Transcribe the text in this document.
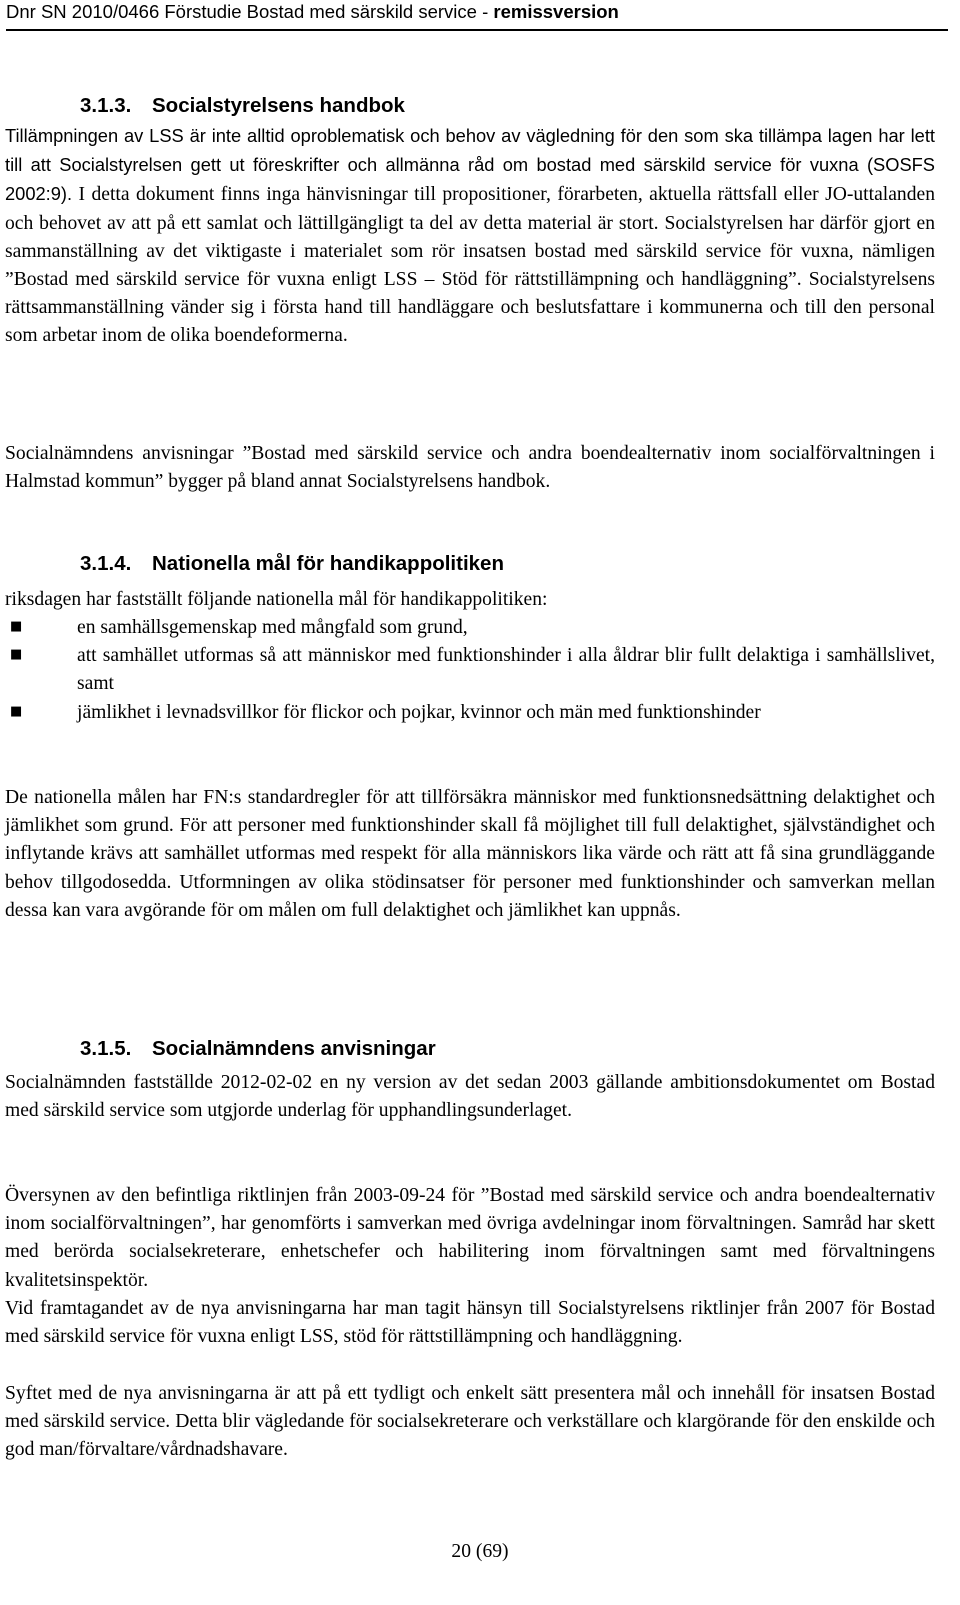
Dnr SN 2010/0466 Förstudie Bostad med särskild service - remissversion
3.1.3. Socialstyrelsens handbok
Tillämpningen av LSS är inte alltid oproblematisk och behov av vägledning för den som ska tillämpa lagen har lett till att Socialstyrelsen gett ut föreskrifter och allmänna råd om bostad med särskild service för vuxna (SOSFS 2002:9). I detta dokument finns inga hänvisningar till propositioner, förarbeten, aktuella rättsfall eller JO-uttalanden och behovet av att på ett samlat och lättillgängligt ta del av detta material är stort. Socialstyrelsen har därför gjort en sammanställning av det viktigaste i materialet som rör insatsen bostad med särskild service för vuxna, nämligen ”Bostad med särskild service för vuxna enligt LSS – Stöd för rättstillämpning och handläggning”. Socialstyrelsens rättsammanställning vänder sig i första hand till handläggare och beslutsfattare i kommunerna och till den personal som arbetar inom de olika boendeformerna.
Socialnämndens anvisningar ”Bostad med särskild service och andra boendealternativ inom socialförvaltningen i Halmstad kommun” bygger på bland annat Socialstyrelsens handbok.
3.1.4. Nationella mål för handikappolitiken
riksdagen har fastställt följande nationella mål för handikappolitiken:
■	en samhällsgemenskap med mångfald som grund,
■	att samhället utformas så att människor med funktionshinder i alla åldrar blir fullt delaktiga i samhällslivet, samt
■	jämlikhet i levnadsvillkor för flickor och pojkar, kvinnor och män med funktionshinder
De nationella målen har FN:s standardregler för att tillförsäkra människor med funktionsnedsättning delaktighet och jämlikhet som grund. För att personer med funktionshinder skall få möjlighet till full delaktighet, självständighet och inflytande krävs att samhället utformas med respekt för alla människors lika värde och rätt att få sina grundläggande behov tillgodosedda. Utformningen av olika stödinsatser för personer med funktionshinder och samverkan mellan dessa kan vara avgörande för om målen om full delaktighet och jämlikhet kan uppnås.
3.1.5. Socialnämndens anvisningar
Socialnämnden fastställde 2012-02-02 en ny version av det sedan 2003 gällande ambitionsdokumentet om Bostad med särskild service som utgjorde underlag för upphandlingsunderlaget.
Översynen av den befintliga riktlinjen från 2003-09-24 för ”Bostad med särskild service och andra boendealternativ inom socialförvaltningen”, har genomförts i samverkan med övriga avdelningar inom förvaltningen. Samråd har skett med berörda socialsekreterare, enhetschefer och habilitering inom förvaltningen samt med förvaltningens kvalitetsinspektör.
Vid framtagandet av de nya anvisningarna har man tagit hänsyn till Socialstyrelsens riktlinjer från 2007 för Bostad med särskild service för vuxna enligt LSS, stöd för rättstillämpning och handläggning.
Syftet med de nya anvisningarna är att på ett tydligt och enkelt sätt presentera mål och innehåll för insatsen Bostad med särskild service. Detta blir vägledande för socialsekreterare och verkställare och klargörande för den enskilde och god man/förvaltare/vårdnadshavare.
20 (69)
